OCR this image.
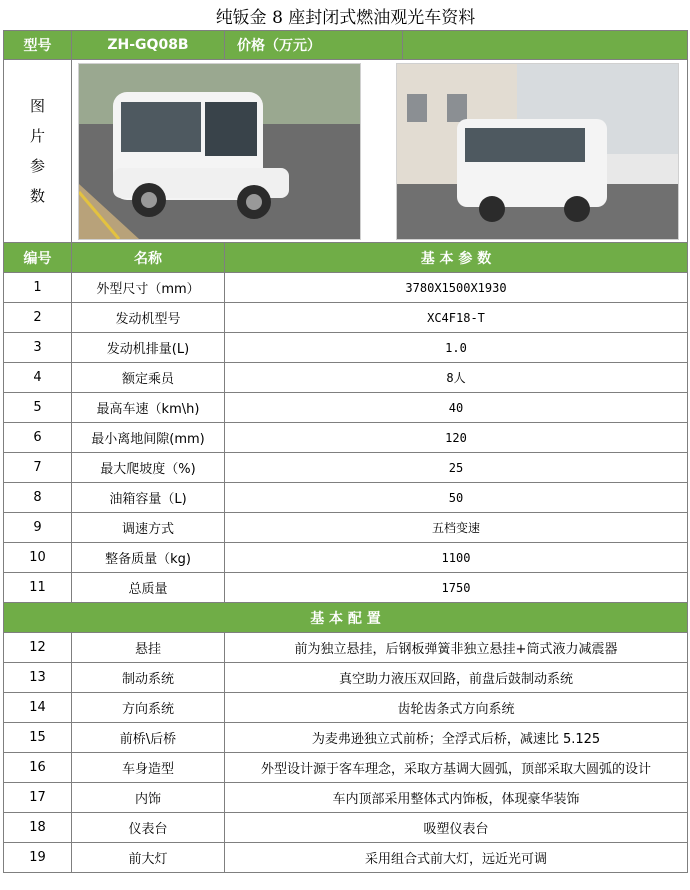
纯钣金 8 座封闭式燃油观光车资料			
型号	ZH-GQ08B	价格（万元）	

图
片
参
数

编号	名称	基 本 参 数	
1	外型尺寸（mm）	3780X1500X1930	
2	发动机型号	XC4F18-T	
3	发动机排量(L)	1.0	
4	额定乘员	8人	
5	最高车速（km\h)	40	
6	最小离地间隙(mm)	120	
7	最大爬坡度（%)	25	
8	油箱容量（L)	50	
9	调速方式	五档变速	
10	整备质量（kg)	1100	
11	总质量	1750	
基 本 配 置			
12	悬挂	前为独立悬挂，后钢板弹簧非独立悬挂+筒式液力减震器	
13	制动系统	真空助力液压双回路，前盘后鼓制动系统	
14	方向系统	齿轮齿条式方向系统	
15	前桥\后桥	为麦弗逊独立式前桥；全浮式后桥，减速比 5.125	
16	车身造型	外型设计源于客车理念，采取方基调大圆弧，顶部采取大圆弧的设计	
17	内饰	车内顶部采用整体式内饰板，体现豪华装饰	
18	仪表台	吸塑仪表台	
19	前大灯	采用组合式前大灯，远近光可调	
